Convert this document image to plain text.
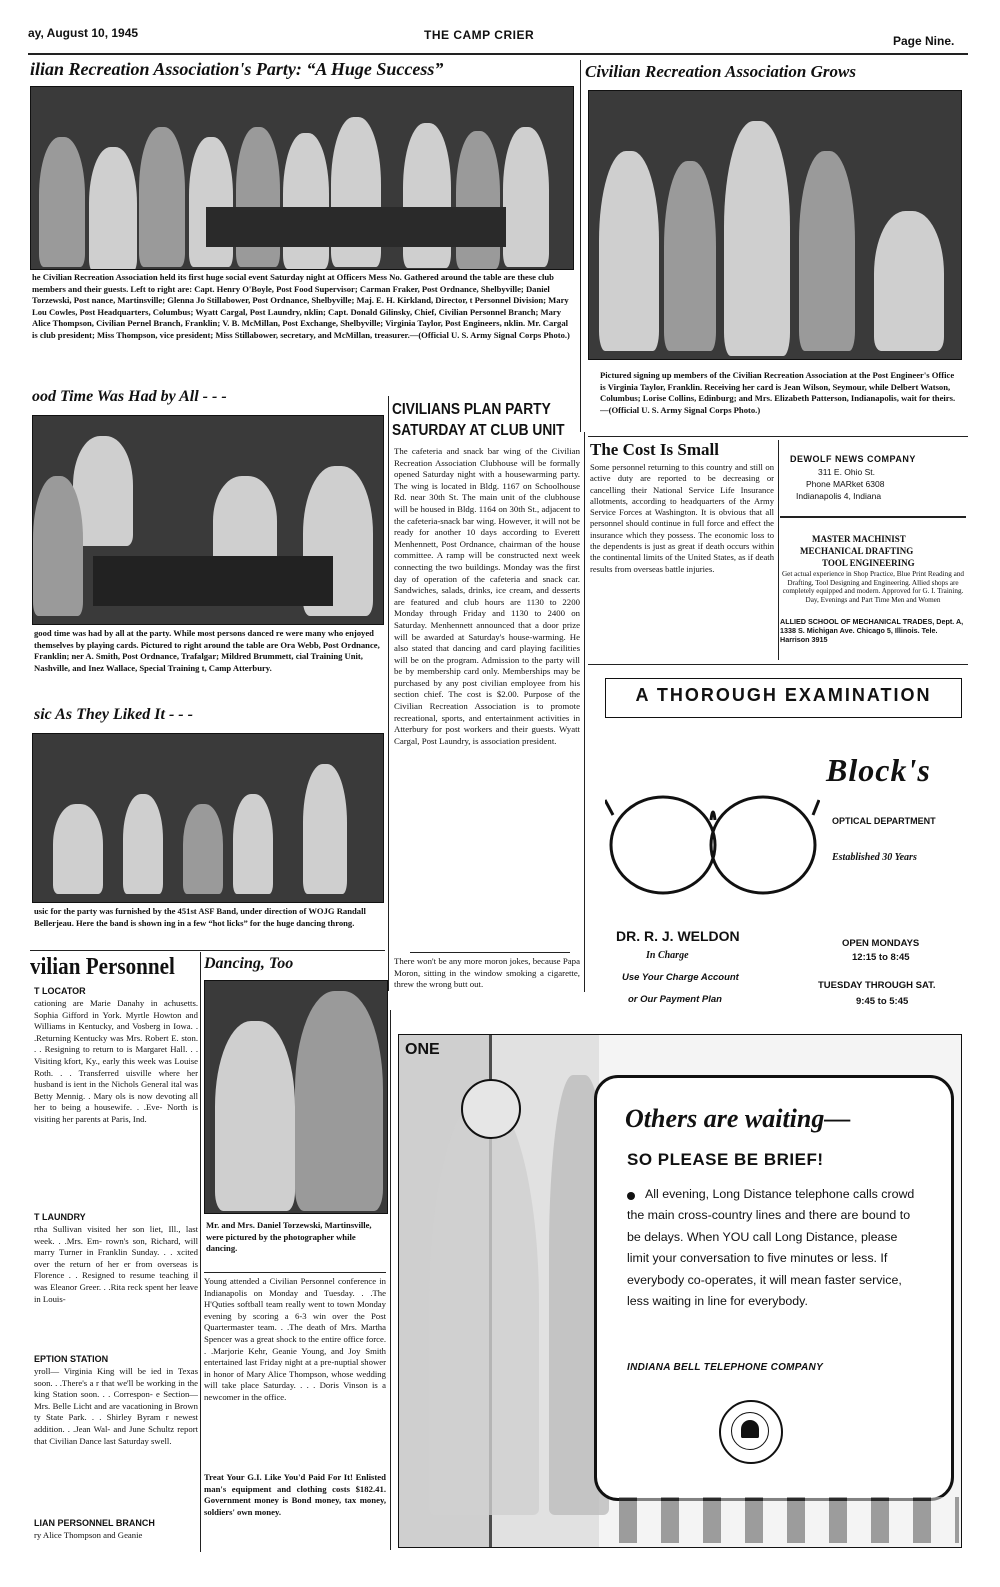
ay, August 10, 1945	THE CAMP CRIER	Page Nine.
ilian Recreation Association's Party: “A Huge Success”
he Civilian Recreation Association held its first huge social event Saturday night at Officers Mess No. Gathered around the table are these club members and their guests. Left to right are: Capt. Henry O'Boyle, Post Food Supervisor; Carman Fraker, Post Ordnance, Shelbyville; Daniel Torzewski, Post nance, Martinsville; Glenna Jo Stillabower, Post Ordnance, Shelbyville; Maj. E. H. Kirkland, Director, t Personnel Division; Mary Lou Cowles, Post Headquarters, Columbus; Wyatt Cargal, Post Laundry, nklin; Capt. Donald Gilinsky, Chief, Civilian Personnel Branch; Mary Alice Thompson, Civilian Pernel Branch, Franklin; V. B. McMillan, Post Exchange, Shelbyville; Virginia Taylor, Post Engineers, nklin. Mr. Cargal is club president; Miss Thompson, vice president; Miss Stillabower, secretary, and McMillan, treasurer.—(Official U. S. Army Signal Corps Photo.)
Civilian Recreation Association Grows
Pictured signing up members of the Civilian Recreation Association at the Post Engineer's Office is Virginia Taylor, Franklin. Receiving her card is Jean Wilson, Seymour, while Delbert Watson, Columbus; Lorise Collins, Edinburg; and Mrs. Elizabeth Patterson, Indianapolis, wait for theirs.—(Official U. S. Army Signal Corps Photo.)
ood Time Was Had by All - - -
good time was had by all at the party. While most persons danced re were many who enjoyed themselves by playing cards. Pictured to right around the table are Ora Webb, Post Ordnance, Franklin; ner A. Smith, Post Ordnance, Trafalgar; Mildred Brummett, cial Training Unit, Nashville, and Inez Wallace, Special Training t, Camp Atterbury.
sic As They Liked It - - -
usic for the party was furnished by the 451st ASF Band, under direction of WOJG Randall Bellerjeau. Here the band is shown ing in a few “hot licks” for the huge dancing throng.
CIVILIANS PLAN PARTY
SATURDAY AT CLUB UNIT
The cafeteria and snack bar wing of the Civilian Recreation Association Clubhouse will be formally opened Saturday night with a housewarming party. The wing is located in Bldg. 1167 on Schoolhouse Rd. near 30th St. The main unit of the clubhouse will be housed in Bldg. 1164 on 30th St., adjacent to the cafeteria-snack bar wing. However, it will not be ready for another 10 days according to Everett Menhennett, Post Ordnance, chairman of the house committee. A ramp will be constructed next week connecting the two buildings. Monday was the first day of operation of the cafeteria and snack car. Sandwiches, salads, drinks, ice cream, and desserts are featured and club hours are 1130 to 2200 Monday through Friday and 1130 to 2400 on Saturday. Menhennett announced that a door prize will be awarded at Saturday's house-warming. He also stated that dancing and card playing facilities will be on the program. Admission to the party will be by membership card only. Memberships may be purchased by any post civilian employee from his section chief. The cost is $2.00. Purpose of the Civilian Recreation Association is to promote recreational, sports, and entertainment activities in Atterbury for post workers and their guests. Wyatt Cargal, Post Laundry, is association president.
There won't be any more moron jokes, because Papa Moron, sitting in the window smoking a cigarette, threw the wrong butt out.
The Cost Is Small
Some personnel returning to this country and still on active duty are reported to be decreasing or cancelling their National Service Life Insurance allotments, according to headquarters of the Army Service Forces at Washington. It is obvious that all personnel should continue in full force and effect the insurance which they possess. The economic loss to the dependents is just as great if death occurs within the continental limits of the United States, as if death results from overseas battle injuries.
DEWOLF NEWS COMPANY
311 E. Ohio St.
Phone MARket 6308
Indianapolis 4, Indiana
MASTER MACHINIST
MECHANICAL DRAFTING
TOOL ENGINEERING
Get actual experience in Shop Practice, Blue Print Reading and Drafting, Tool Designing and Engineering. Allied shops are completely equipped and modern. Approved for G. I. Training. Day, Evenings and Part Time Men and Women
ALLIED SCHOOL OF MECHANICAL TRADES, Dept. A, 1338 S. Michigan Ave. Chicago 5, Illinois. Tele. Harrison 3915
A THOROUGH EXAMINATION
Block's
OPTICAL DEPARTMENT
Established 30 Years
DR. R. J. WELDON
In Charge
Use Your Charge Account
or Our Payment Plan
OPEN MONDAYS
12:15 to 8:45
TUESDAY THROUGH SAT.
9:45 to 5:45
vilian Personnel
T LOCATOR
cationing are Marie Danahy in achusetts. Sophia Gifford in York. Myrtle Howton and Williams in Kentucky, and Vosberg in Iowa. . .Returning Kentucky was Mrs. Robert E. ston. . . Resigning to return to is Margaret Hall. . . Visiting kfort, Ky., early this week was Louise Roth. . . Transferred uisville where her husband is ient in the Nichols General ital was Betty Mennig. . Mary ols is now devoting all her to being a housewife. . .Eve- North is visiting her parents at Paris, Ind.
T LAUNDRY
rtha Sullivan visited her son liet, Ill., last week. . .Mrs. Em- rown's son, Richard, will marry Turner in Franklin Sunday. . . xcited over the return of her er from overseas is Florence . . Resigned to resume teaching il was Eleanor Greer. . .Rita reck spent her leave in Louis-
EPTION STATION
yroll— Virginia King will be ied in Texas soon. . .There's a r that we'll be working in the king Station soon. . . Correspon- e Section—Mrs. Belle Licht and are vacationing in Brown ty State Park. . . Shirley Byram r newest addition. . .Jean Wal- and June Schultz report that Civilian Dance last Saturday swell.
LIAN PERSONNEL BRANCH
ry Alice Thompson and Geanie
Dancing, Too
Mr. and Mrs. Daniel Torzewski, Martinsville, were pictured by the photographer while dancing.
Young attended a Civilian Personnel conference in Indianapolis on Monday and Tuesday. . .The H'Quties softball team really went to town Monday evening by scoring a 6-3 win over the Post Quartermaster team. . .The death of Mrs. Martha Spencer was a great shock to the entire office force. . .Marjorie Kehr, Geanie Young, and Joy Smith entertained last Friday night at a pre-nuptial shower in honor of Mary Alice Thompson, whose wedding will take place Saturday. . . . Doris Vinson is a newcomer in the office.
Treat Your G.I. Like You'd Paid For It! Enlisted man's equipment and clothing costs $182.41. Government money is Bond money, tax money, soldiers' own money.
ONE
Others are waiting—
SO PLEASE BE BRIEF!
All evening, Long Distance telephone calls crowd the main cross-country lines and there are bound to be delays. When YOU call Long Distance, please limit your conversation to five minutes or less. If everybody co-operates, it will mean faster service, less waiting in line for everybody.
INDIANA BELL TELEPHONE COMPANY
